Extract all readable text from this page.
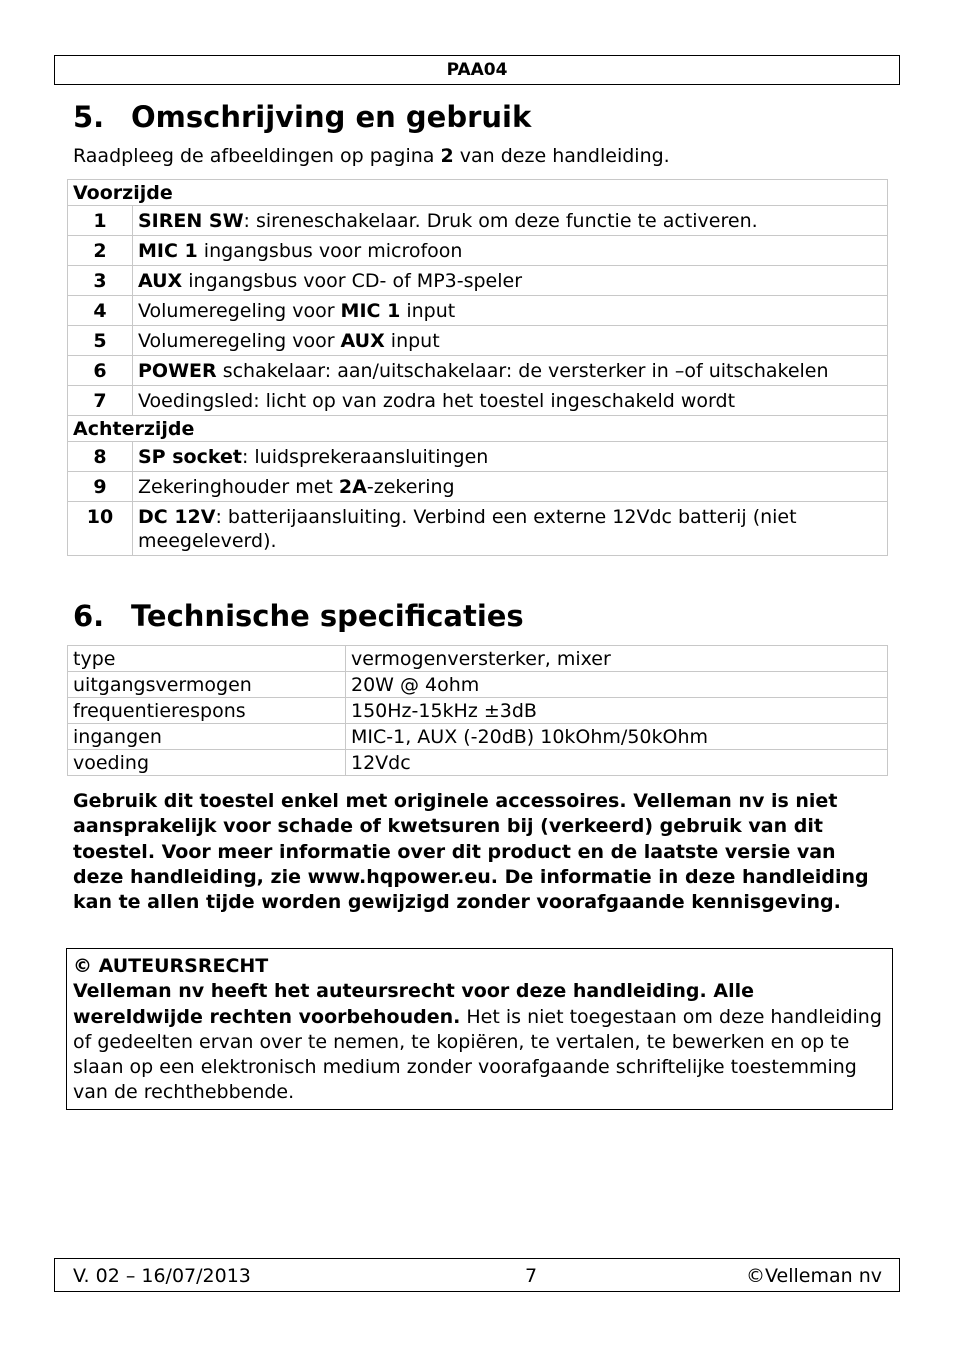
PAA04
5. Omschrijving en gebruik
Raadpleeg de afbeeldingen op pagina 2 van deze handleiding.
Voorzijde	
1	SIREN SW: sireneschakelaar. Druk om deze functie te activeren.
2	MIC 1 ingangsbus voor microfoon
3	AUX ingangsbus voor CD- of MP3-speler
4	Volumeregeling voor MIC 1 input
5	Volumeregeling voor AUX input
6	POWER schakelaar: aan/uitschakelaar: de versterker in –of uitschakelen
7	Voedingsled: licht op van zodra het toestel ingeschakeld wordt
Achterzijde	
8	SP socket: luidsprekeraansluitingen
9	Zekeringhouder met 2A-zekering
10	DC 12V: batterijaansluiting. Verbind een externe 12Vdc batterij (niet meegeleverd).
6. Technische specificaties
type	vermogenversterker, mixer
uitgangsvermogen	20W @ 4ohm
frequentierespons	150Hz-15kHz ±3dB
ingangen	MIC-1, AUX (-20dB) 10kOhm/50kOhm
voeding	12Vdc
Gebruik dit toestel enkel met originele accessoires. Velleman nv is niet aansprakelijk voor schade of kwetsuren bij (verkeerd) gebruik van dit toestel. Voor meer informatie over dit product en de laatste versie van deze handleiding, zie www.hqpower.eu. De informatie in deze handleiding kan te allen tijde worden gewijzigd zonder voorafgaande kennisgeving.
© AUTEURSRECHT
Velleman nv heeft het auteursrecht voor deze handleiding. Alle wereldwijde rechten voorbehouden. Het is niet toegestaan om deze handleiding of gedeelten ervan over te nemen, te kopiëren, te vertalen, te bewerken en op te slaan op een elektronisch medium zonder voorafgaande schriftelijke toestemming van de rechthebbende.
V. 02 – 16/07/2013	7	©Velleman nv
